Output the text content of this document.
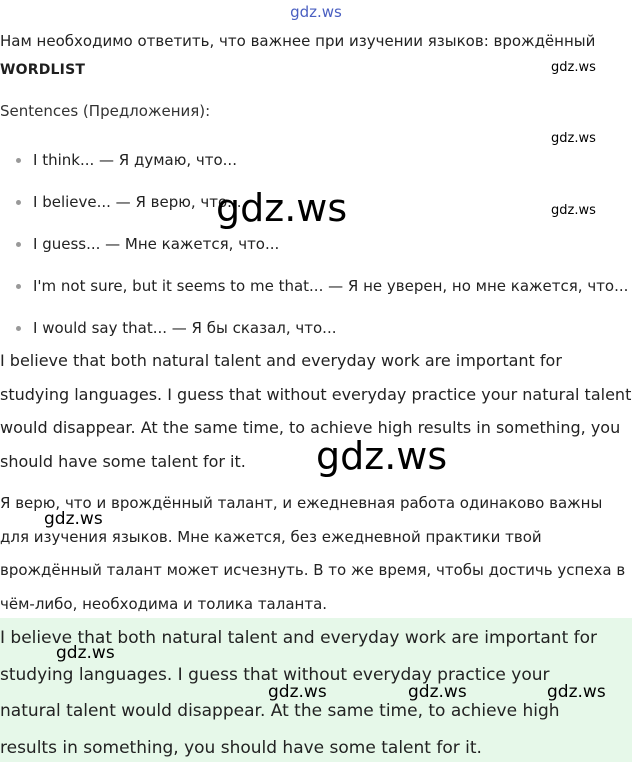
gdz.ws
Нам необходимо ответить, что важнее при изучении языков: врождённый
WORDLIST
Sentences (Предложения):
I think... — Я думаю, что...
I believe... — Я верю, что...
I guess... — Мне кажется, что...
I'm not sure, but it seems to me that... — Я не уверен, но мне кажется, что...
I would say that... — Я бы сказал, что...
I believe that both natural talent and everyday work are important for studying languages. I guess that without everyday practice your natural talent would disappear. At the same time, to achieve high results in something, you should have some talent for it.
Я верю, что и врождённый талант, и ежедневная работа одинаково важны для изучения языков. Мне кажется, без ежедневной практики твой врождённый талант может исчезнуть. В то же время, чтобы достичь успеха в чём-либо, необходима и толика таланта.
I believe that both natural talent and everyday work are important for studying languages. I guess that without everyday practice your natural talent would disappear. At the same time, to achieve high results in something, you should have some talent for it.
gdz.ws
gdz.ws
gdz.ws
gdz.ws
gdz.ws
gdz.ws
gdz.ws
gdz.ws	gdz.ws	gdz.ws
